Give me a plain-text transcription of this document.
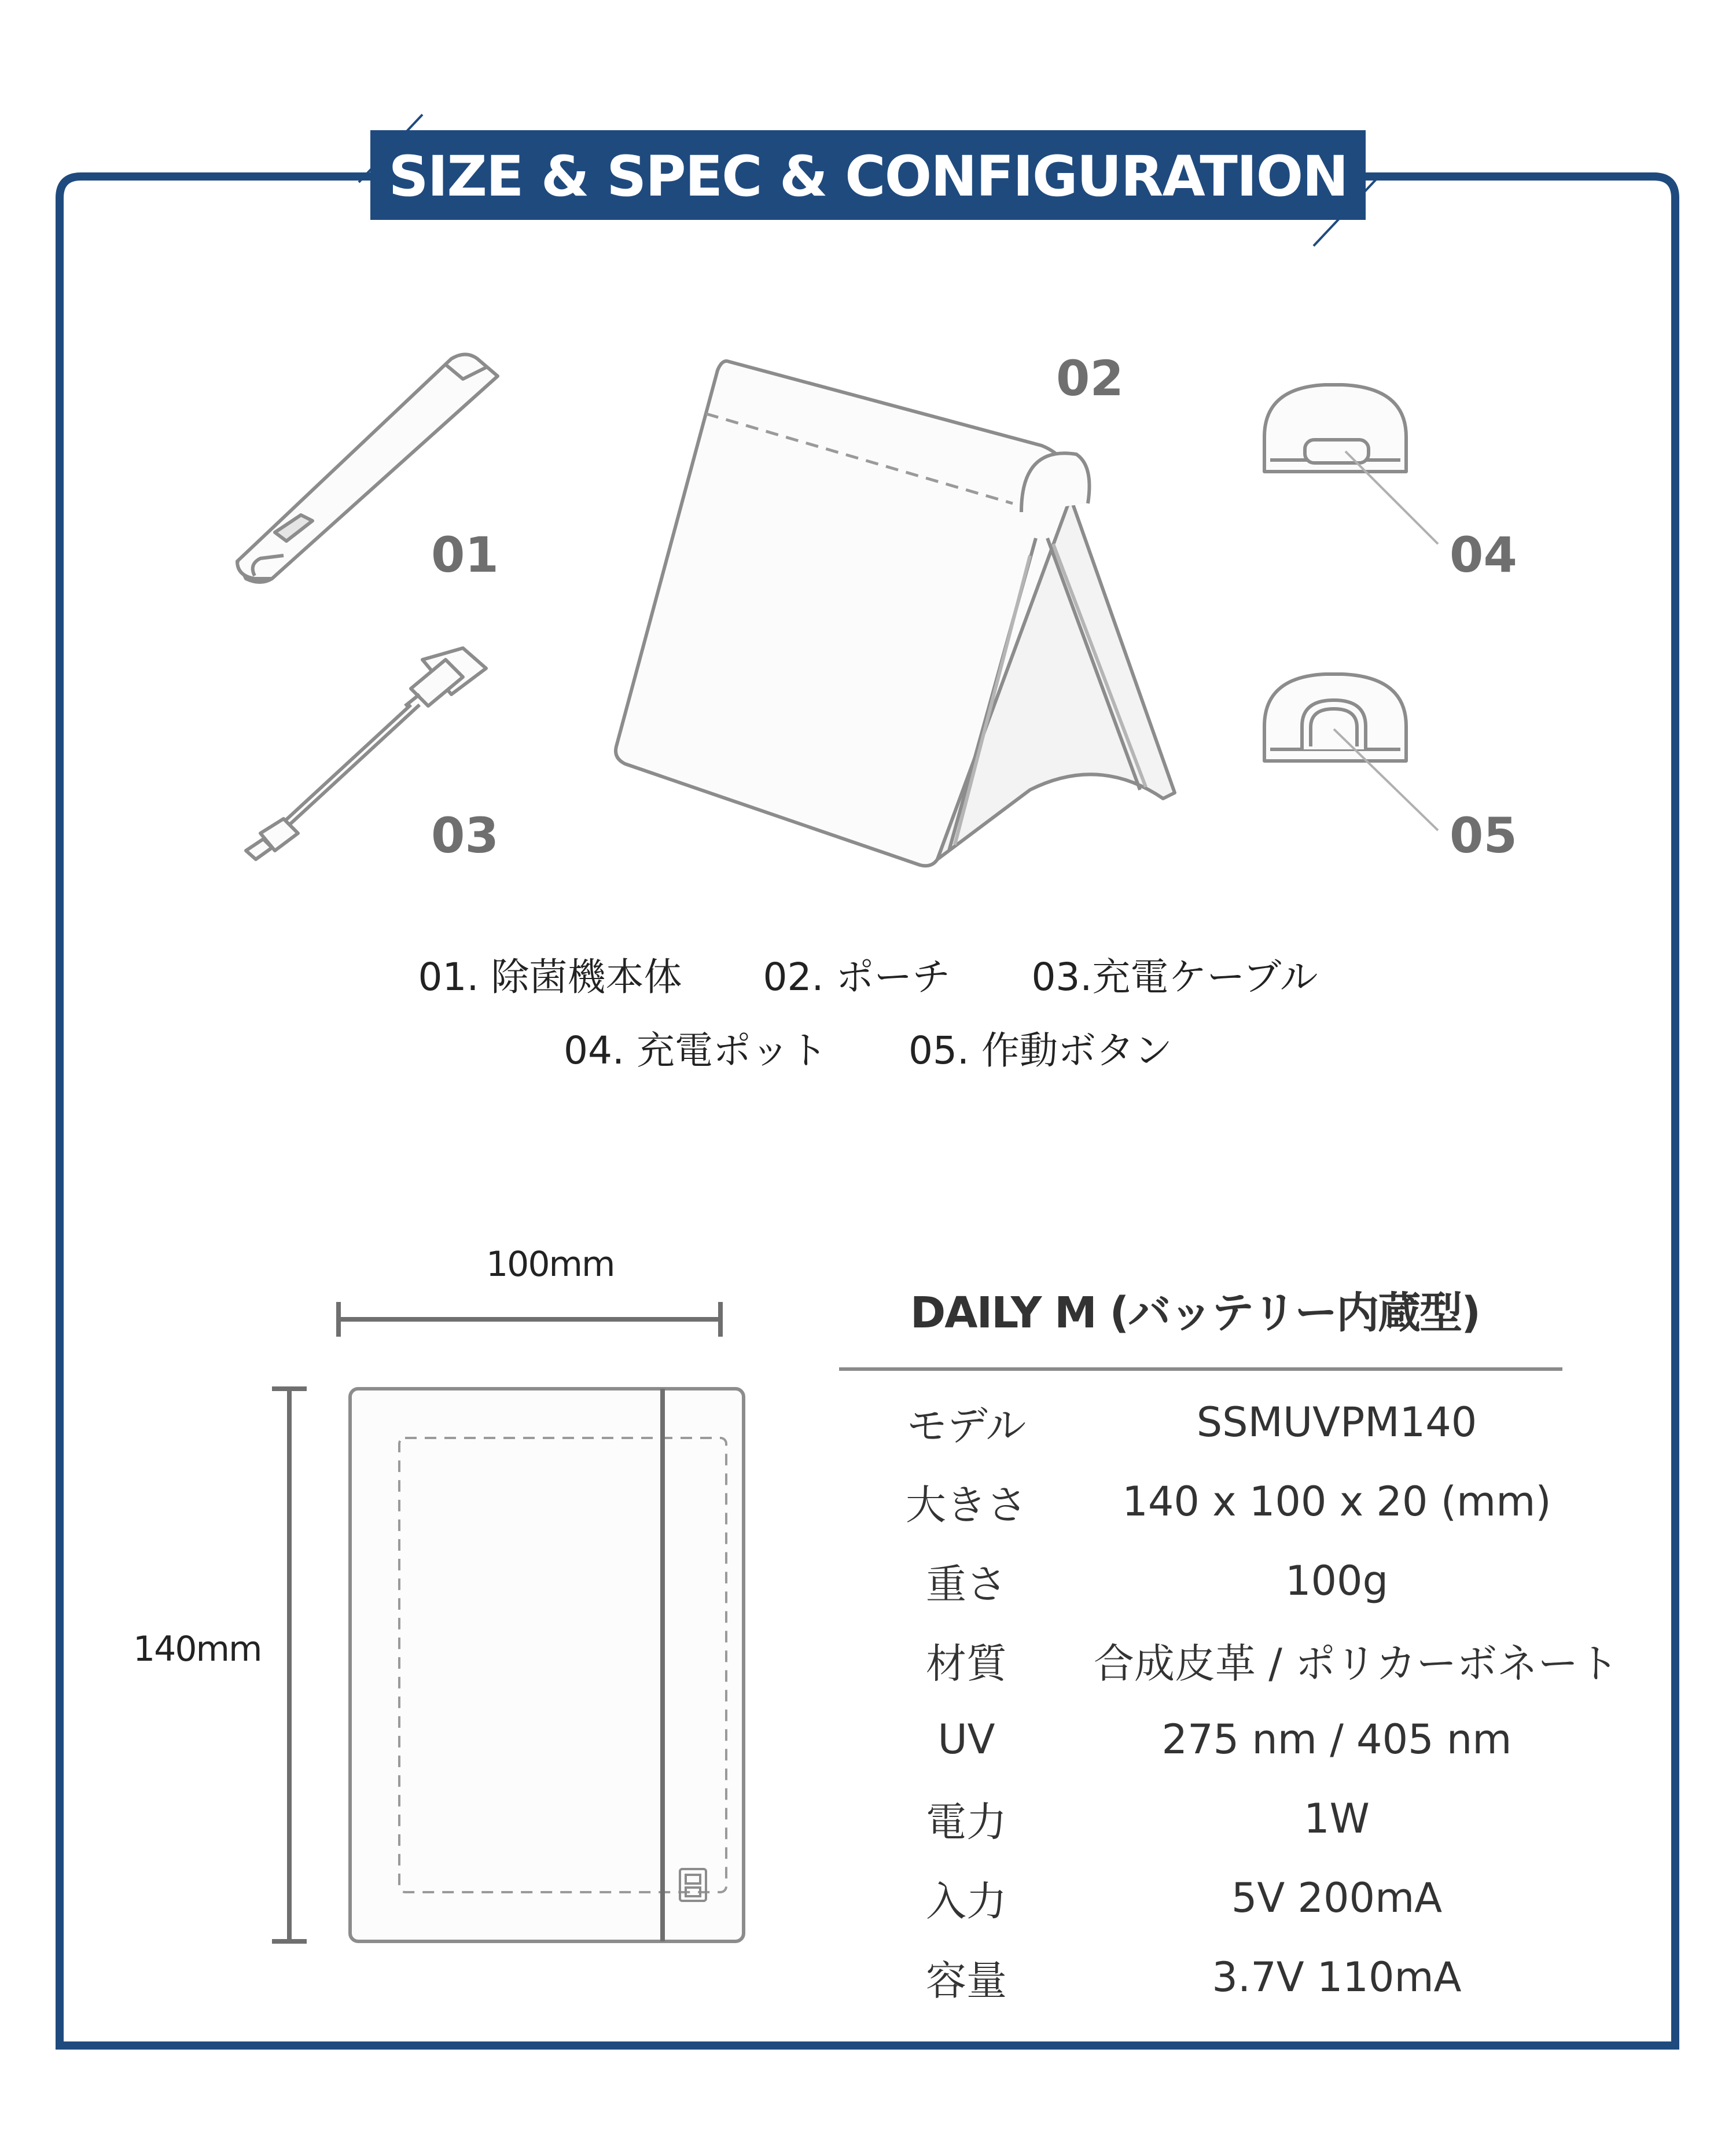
SIZE & SPEC & CONFIGURATION
01
03
02
04
05
01. 除菌機本体 02. ポーチ 03.充電ケーブル
04. 充電ポット 05. 作動ボタン
100mm
140mm
DAILY M (バッテリー内蔵型)
モデル	SSMUVPM140
大きさ	140 x 100 x 20 (mm)
重さ	100g
材質	合成皮革 / ポリカーボネート
UV	275 nm / 405 nm
電力	1W
入力	5V 200mA
容量	3.7V 110mA
